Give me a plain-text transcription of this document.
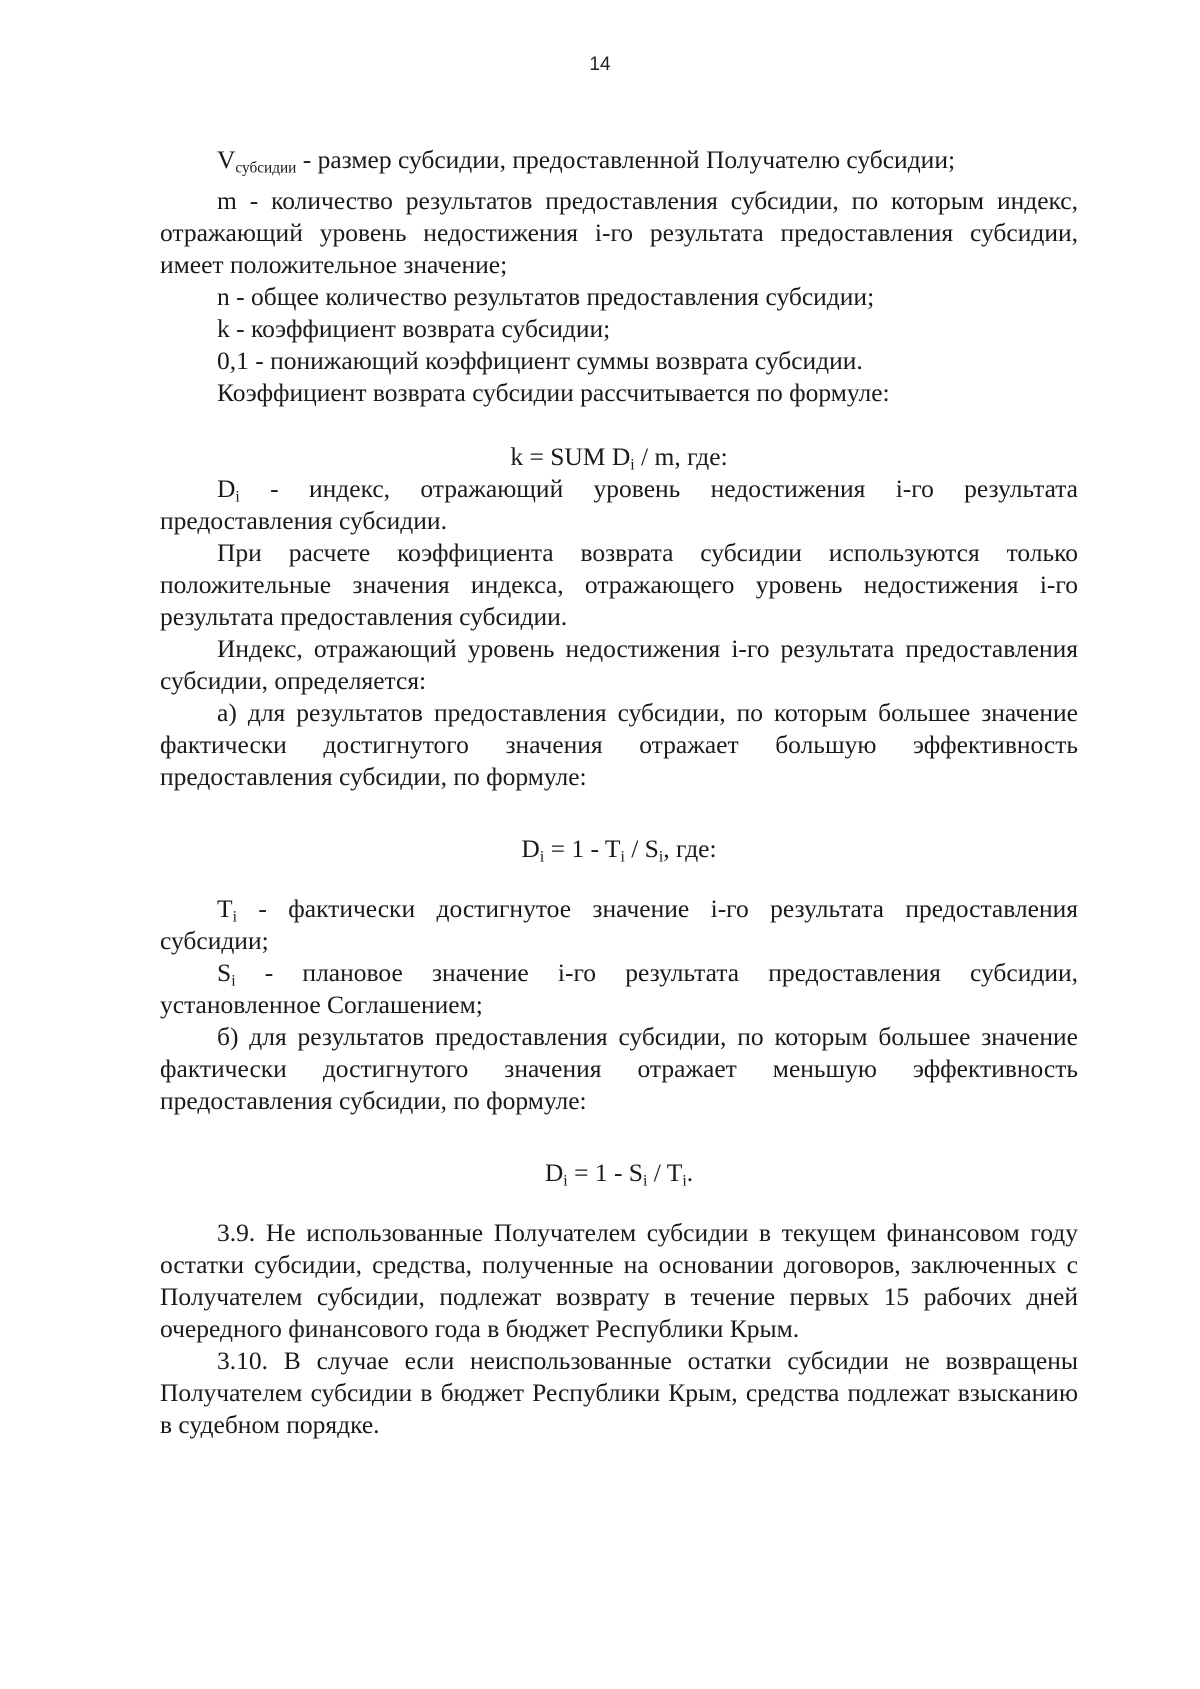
14

Vсубсидии - размер субсидии, предоставленной Получателю субсидии;

m - количество результатов предоставления субсидии, по которым индекс, отражающий уровень недостижения i-го результата предоставления субсидии, имеет положительное значение;

n - общее количество результатов предоставления субсидии;

k - коэффициент возврата субсидии;

0,1 - понижающий коэффициент суммы возврата субсидии.

Коэффициент возврата субсидии рассчитывается по формуле:

k = SUM $D_i$ / m, где:

$D_i$ - индекс, отражающий уровень недостижения i-го результата предоставления субсидии.

При расчете коэффициента возврата субсидии используются только положительные значения индекса, отражающего уровень недостижения i-го результата предоставления субсидии.

Индекс, отражающий уровень недостижения i-го результата предоставления субсидии, определяется:

а) для результатов предоставления субсидии, по которым большее значение фактически достигнутого значения отражает большую эффективность предоставления субсидии, по формуле:

$D_i = 1 - T_i / S_i$, где:

$T_i$ - фактически достигнутое значение i-го результата предоставления субсидии;

$S_i$ - плановое значение i-го результата предоставления субсидии, установленное Соглашением;

б) для результатов предоставления субсидии, по которым большее значение фактически достигнутого значения отражает меньшую эффективность предоставления субсидии, по формуле:

$D_i = 1 - S_i / T_i$.

3.9. Не использованные Получателем субсидии в текущем финансовом году остатки субсидии, средства, полученные на основании договоров, заключенных с Получателем субсидии, подлежат возврату в течение первых 15 рабочих дней очередного финансового года в бюджет Республики Крым.

3.10. В случае если неиспользованные остатки субсидии не возвращены Получателем субсидии в бюджет Республики Крым, средства подлежат взысканию в судебном порядке.
